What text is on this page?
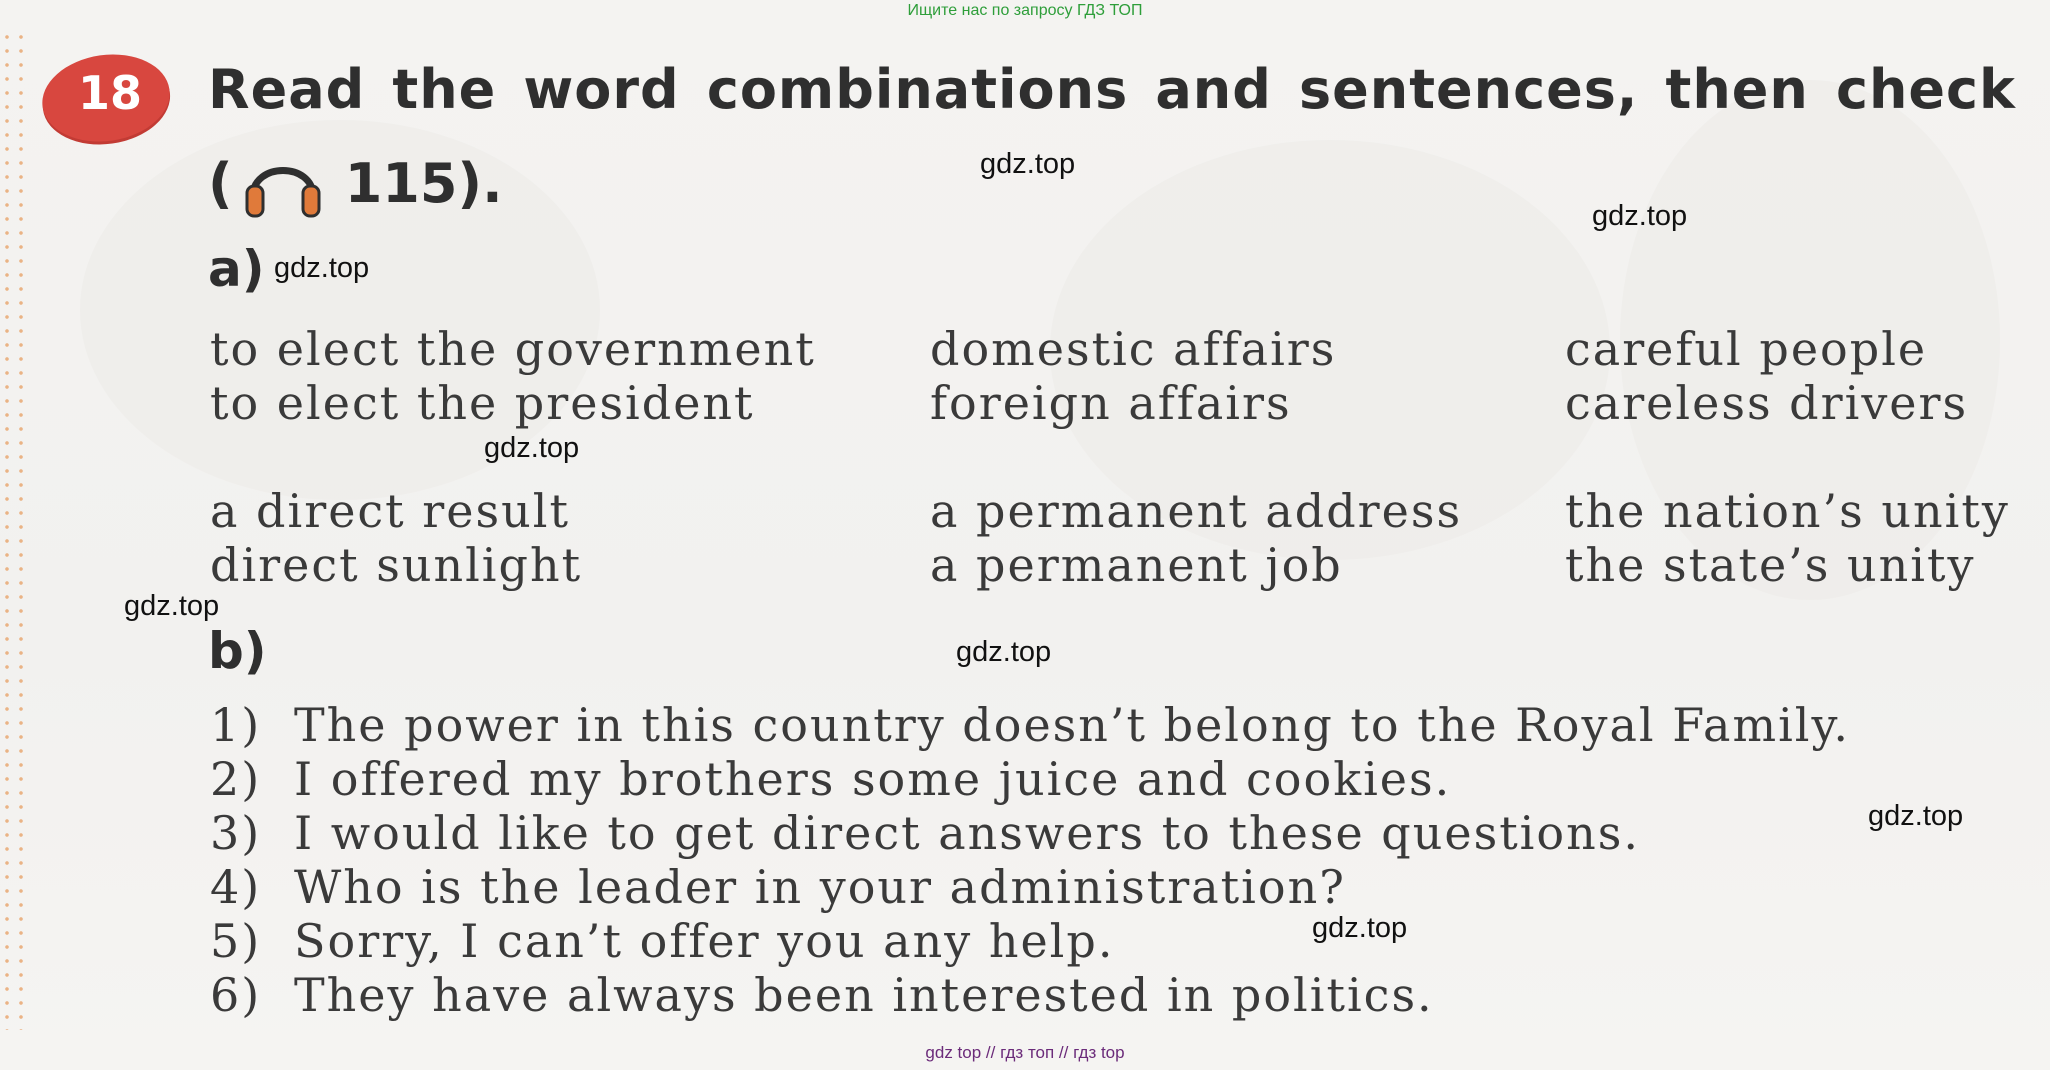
Ищите нас по запросу ГДЗ ТОП
18 Read the word combinations and sentences, then check
( 115).
a)
to elect the government
to elect the president
a direct result
direct sunlight
domestic affairs
foreign affairs
a permanent address
a permanent job
careful people
careless drivers
the nation’s unity
the state’s unity
b)
1) The power in this country doesn’t belong to the Royal Family.
2) I offered my brothers some juice and cookies.
3) I would like to get direct answers to these questions.
4) Who is the leader in your administration?
5) Sorry, I can’t offer you any help.
6) They have always been interested in politics.
gdz.top
gdz.top
gdz.top
gdz.top
gdz.top
gdz.top
gdz.top
gdz.top
gdz top // гдз топ // гдз top
